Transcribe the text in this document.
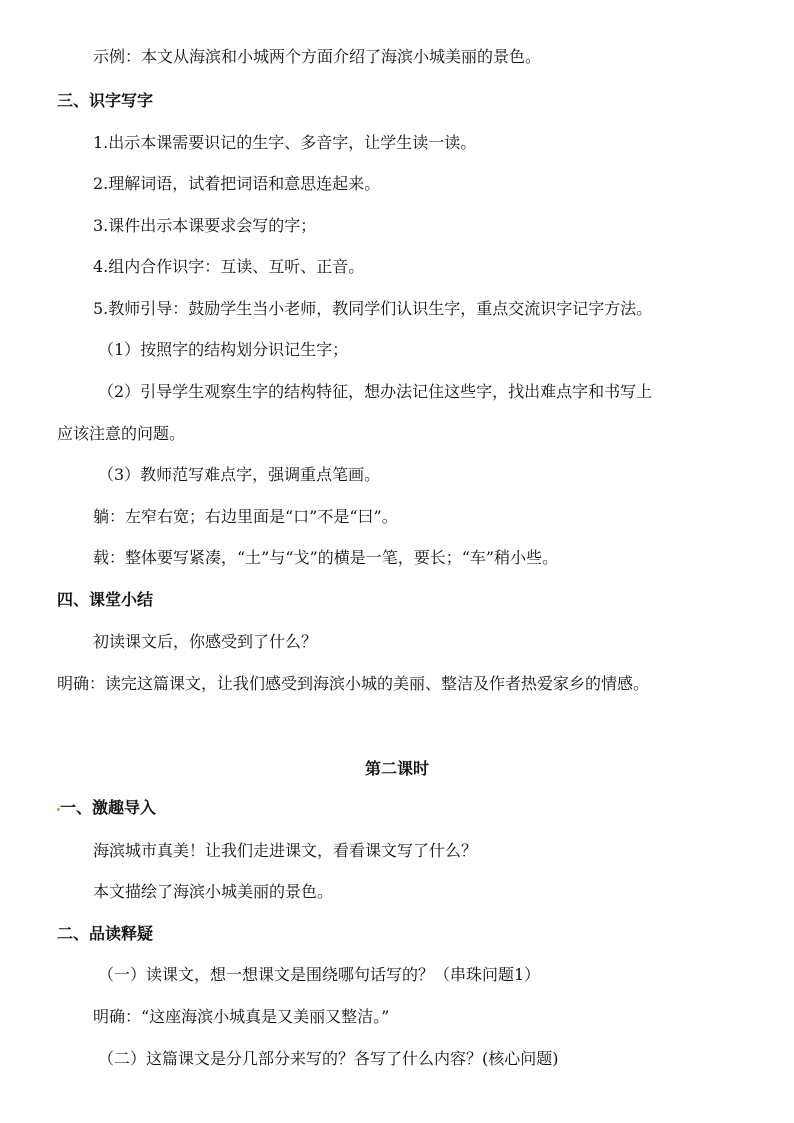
示例：本文从海滨和小城两个方面介绍了海滨小城美丽的景色。
三、识字写字
1.出示本课需要识记的生字、多音字，让学生读一读。
2.理解词语，试着把词语和意思连起来。
3.课件出示本课要求会写的字；
4.组内合作识字：互读、互听、正音。
5.教师引导：鼓励学生当小老师，教同学们认识生字，重点交流识字记字方法。
（1）按照字的结构划分识记生字；
（2）引导学生观察生字的结构特征，想办法记住这些字，找出难点字和书写上
应该注意的问题。
（3）教师范写难点字，强调重点笔画。
躺：左窄右宽；右边里面是“口”不是“曰”。
载：整体要写紧凑，“土”与“戈”的横是一笔，要长；“车”稍小些。
四、课堂小结
初读课文后，你感受到了什么？
明确：读完这篇课文，让我们感受到海滨小城的美丽、整洁及作者热爱家乡的情感。
第二课时
一、激趣导入
海滨城市真美！让我们走进课文，看看课文写了什么？
本文描绘了海滨小城美丽的景色。
二、品读释疑
（一）读课文，想一想课文是围绕哪句话写的？（串珠问题1）
明确：“这座海滨小城真是又美丽又整洁。”
（二）这篇课文是分几部分来写的？各写了什么内容？(核心问题)
